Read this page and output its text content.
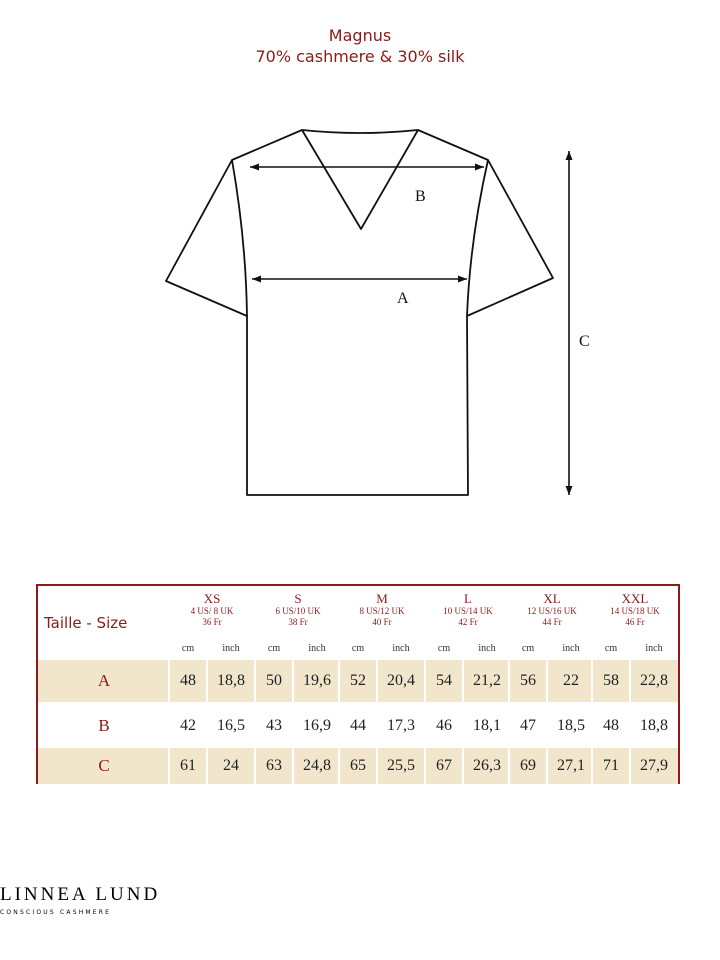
Magnus
70% cashmere & 30% silk
B
A
C
Taille - Size
XS
4 US/ 8 UK
36 Fr
cm	inch
S
6 US/10 UK
38 Fr
cm	inch
M
8 US/12 UK
40 Fr
cm	inch
L
10 US/14 UK
42 Fr
cm	inch
XL
12 US/16 UK
44 Fr
cm	inch
XXL
14 US/18 UK
46 Fr
cm	inch
A	48	18,8	50	19,6	52	20,4	54	21,2	56	22	58	22,8
B	42	16,5	43	16,9	44	17,3	46	18,1	47	18,5	48	18,8
C	61	24	63	24,8	65	25,5	67	26,3	69	27,1	71	27,9
LINNEA LUND
CONSCIOUS CASHMERE
